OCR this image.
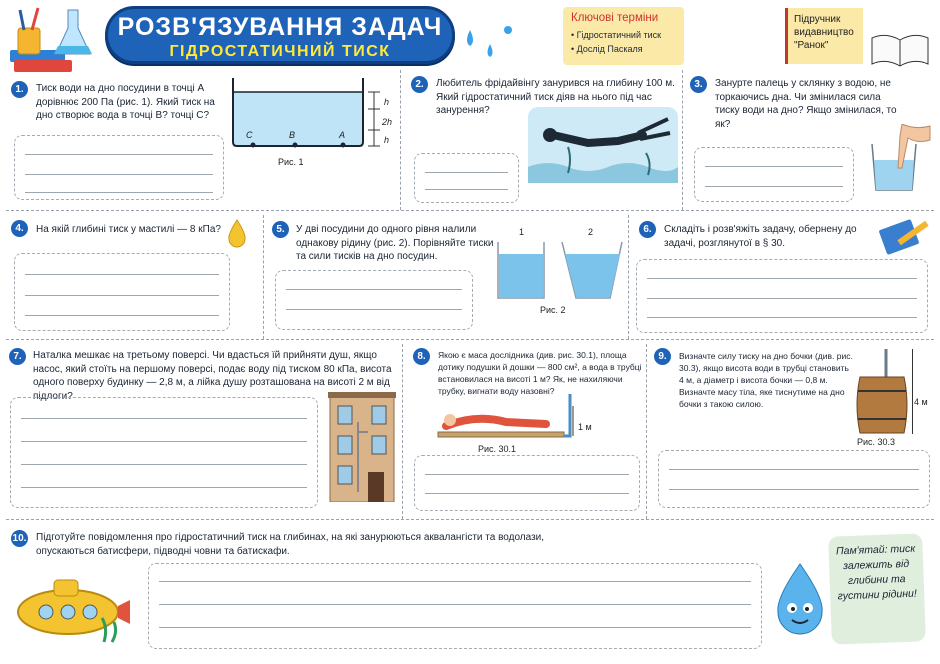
РОЗВ'ЯЗУВАННЯ ЗАДАЧ
ГІДРОСТАТИЧНИЙ ТИСК
Ключові терміни
• Гідростатичний тиск
• Дослід Паскаля
Підручник видавництво "Ранок"
1.	Тиск води на дно посудини в точці A дорівнює 200 Па (рис. 1). Який тиск на дно створює вода в точці B? точці C?
C	B	A
h
2h
h
Рис. 1
2.	Любитель фрідайвінгу занурився на глибину 100 м. Який гідростатичний тиск діяв на нього під час занурення?
3.	Занурте палець у склянку з водою, не торкаючись дна. Чи змінилася сила тиску води на дно? Якщо змінилася, то як?
4.	На якій глибині тиск у мастилі — 8 кПа?	5.	У дві посудини до одного рівня налили однакову рідину (рис. 2). Порівняйте тиски та сили тисків на дно посудин.
1	2
Рис. 2
6.	Складіть і розв'яжіть задачу, обернену до задачі, розглянутої в § 30.
7.	Наталка мешкає на третьому поверсі. Чи вдасться їй прийняти душ, якщо насос, який стоїть на першому поверсі, подає воду під тиском 80 кПа, висота одного поверху будинку — 2,8 м, а лійка душу розташована на висоті 2 м від підлоги?
8.	Якою є маса дослідника (див. рис. 30.1), площа дотику подушки й дошки — 800 см², а вода в трубці встановилася на висоті 1 м? Як, не нахиляючи трубку, вигнати воду назовні?
1 м
Рис. 30.1
9.	Визначте силу тиску на дно бочки (див. рис. 30.3), якщо висота води в трубці становить 4 м, а діаметр і висота бочки — 0,8 м. Визначте масу тіла, яке тиснутиме на дно бочки з такою силою.	4 м
Рис. 30.3
10. Підготуйте повідомлення про гідростатичний тиск на глибинах, на які занурюються аквалангісти та водолази, опускаються батисфери, підводні човни та батискафи.	Пам'ятай: тиск залежить від глибини та густини рідини!
